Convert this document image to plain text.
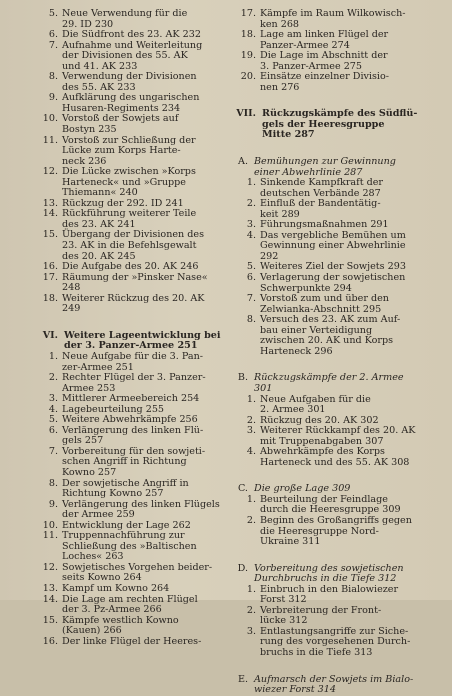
5. Neue Verwendung für die
29. ID 230
6. Die Südfront des 23. AK 232
7. Aufnahme und Weiterleitung
der Divisionen des 55. AK
und 41. AK 233
8. Verwendung der Divisionen
des 55. AK 233
9. Aufklärung des ungarischen
Husaren-Regiments 234
10. Vorstoß der Sowjets auf
Bostyn 235
11. Vorstoß zur Schließung der
Lücke zum Korps Harte-
neck 236
12. Die Lücke zwischen »Korps
Harteneck« und »Gruppe
Thiemann« 240
13. Rückzug der 292. ID 241
14. Rückführung weiterer Teile
des 23. AK 241
15. Übergang der Divisionen des
23. AK in die Befehlsgewalt
des 20. AK 245
16. Die Aufgabe des 20. AK 246
17. Räumung der »Pinsker Nase«
248
18. Weiterer Rückzug des 20. AK
249
VI. Weitere Lageentwicklung bei
der 3. Panzer-Armee 251
1. Neue Aufgabe für die 3. Pan-
zer-Armee 251
2. Rechter Flügel der 3. Panzer-
Armee 253
3. Mittlerer Armeebereich 254
4. Lagebeurteilung 255
5. Weitere Abwehrkämpfe 256
6. Verlängerung des linken Flü-
gels 257
7. Vorbereitung für den sowjeti-
schen Angriff in Richtung
Kowno 257
8. Der sowjetische Angriff in
Richtung Kowno 257
9. Verlängerung des linken Flügels
der Armee 259
10. Entwicklung der Lage 262
11. Truppennachführung zur
Schließung des »Baltischen
Loches« 263
12. Sowjetisches Vorgehen beider-
seits Kowno 264
13. Kampf um Kowno 264
14. Die Lage am rechten Flügel
der 3. Pz-Armee 266
15. Kämpfe westlich Kowno
(Kauen) 266
16. Der linke Flügel der Heeres-
17. Kämpfe im Raum Wilkowisch-
ken 268
18. Lage am linken Flügel der
Panzer-Armee 274
19. Die Lage im Abschnitt der
3. Panzer-Armee 275
20. Einsätze einzelner Divisio-
nen 276
VII. Rückzugskämpfe des Südflü-
gels der Heeresgruppe
Mitte 287
A. Bemühungen zur Gewinnung
einer Abwehrlinie 287
1. Sinkende Kampfkraft der
deutschen Verbände 287
2. Einfluß der Bandentätig-
keit 289
3. Führungsmaßnahmen 291
4. Das vergebliche Bemühen um
Gewinnung einer Abwehrlinie
292
5. Weiteres Ziel der Sowjets 293
6. Verlagerung der sowjetischen
Schwerpunkte 294
7. Vorstoß zum und über den
Zelwianka-Abschnitt 295
8. Versuch des 23. AK zum Auf-
bau einer Verteidigung
zwischen 20. AK und Korps
Harteneck 296
B. Rückzugskämpfe der 2. Armee
301
1. Neue Aufgaben für die
2. Armee 301
2. Rückzug des 20. AK 302
3. Weiterer Rückkampf des 20. AK
mit Truppenabgaben 307
4. Abwehrkämpfe des Korps
Harteneck und des 55. AK 308
C. Die große Lage 309
1. Beurteilung der Feindlage
durch die Heeresgruppe 309
2. Beginn des Großangriffs gegen
die Heeresgruppe Nord-
Ukraine 311
D. Vorbereitung des sowjetischen
Durchbruchs in die Tiefe 312
1. Einbruch in den Bialowiezer
Forst 312
2. Verbreiterung der Front-
lücke 312
3. Entlastungsangriffe zur Siche-
rung des vorgesehenen Durch-
bruchs in die Tiefe 313
E. Aufmarsch der Sowjets im Bialo-
wiezer Forst 314
